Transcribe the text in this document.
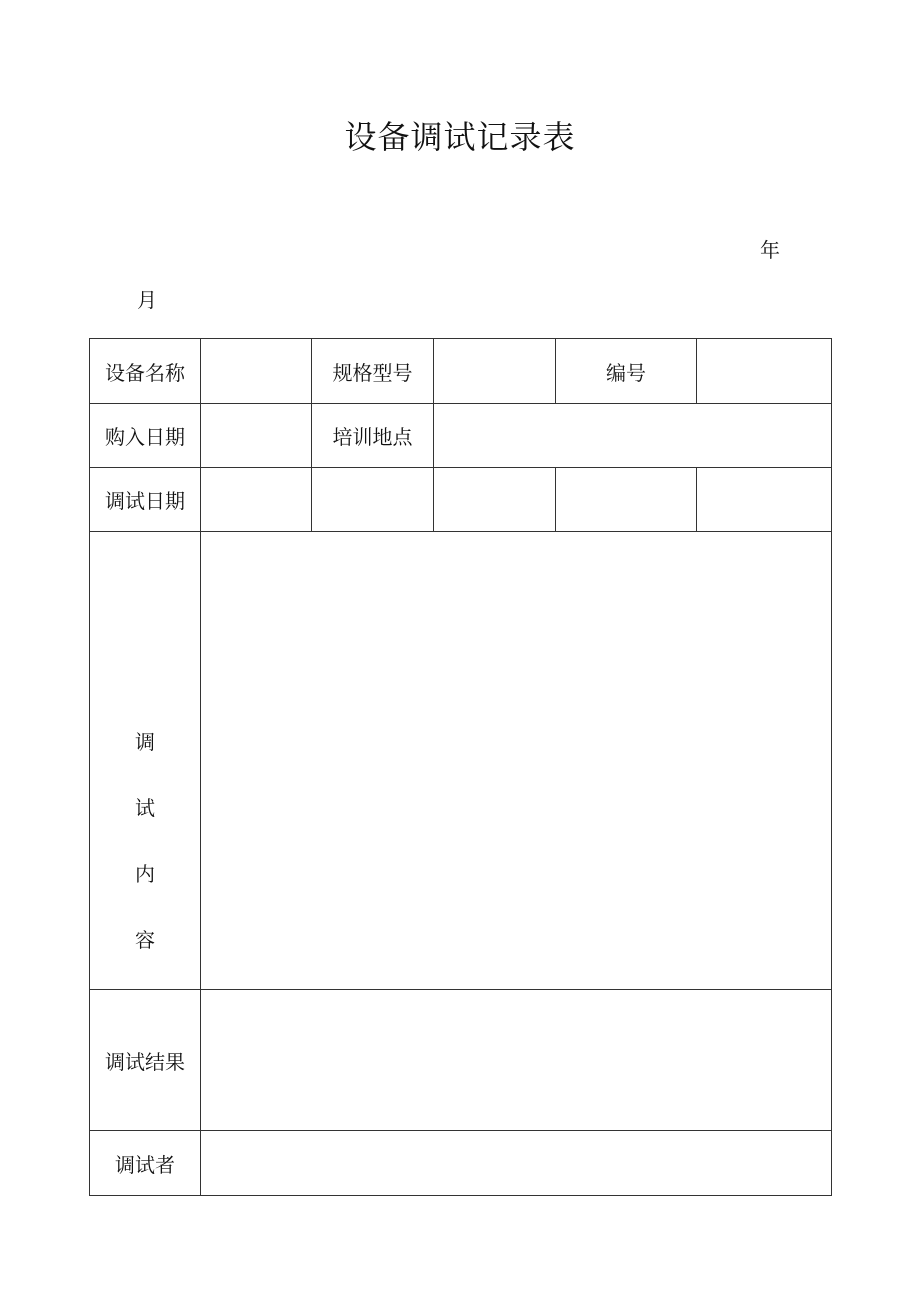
设备调试记录表
年
月
设备名称		规格型号		编号	
购入日期		培训地点			
调试日期					

调
试
内
容					

调试结果					
调试者					
